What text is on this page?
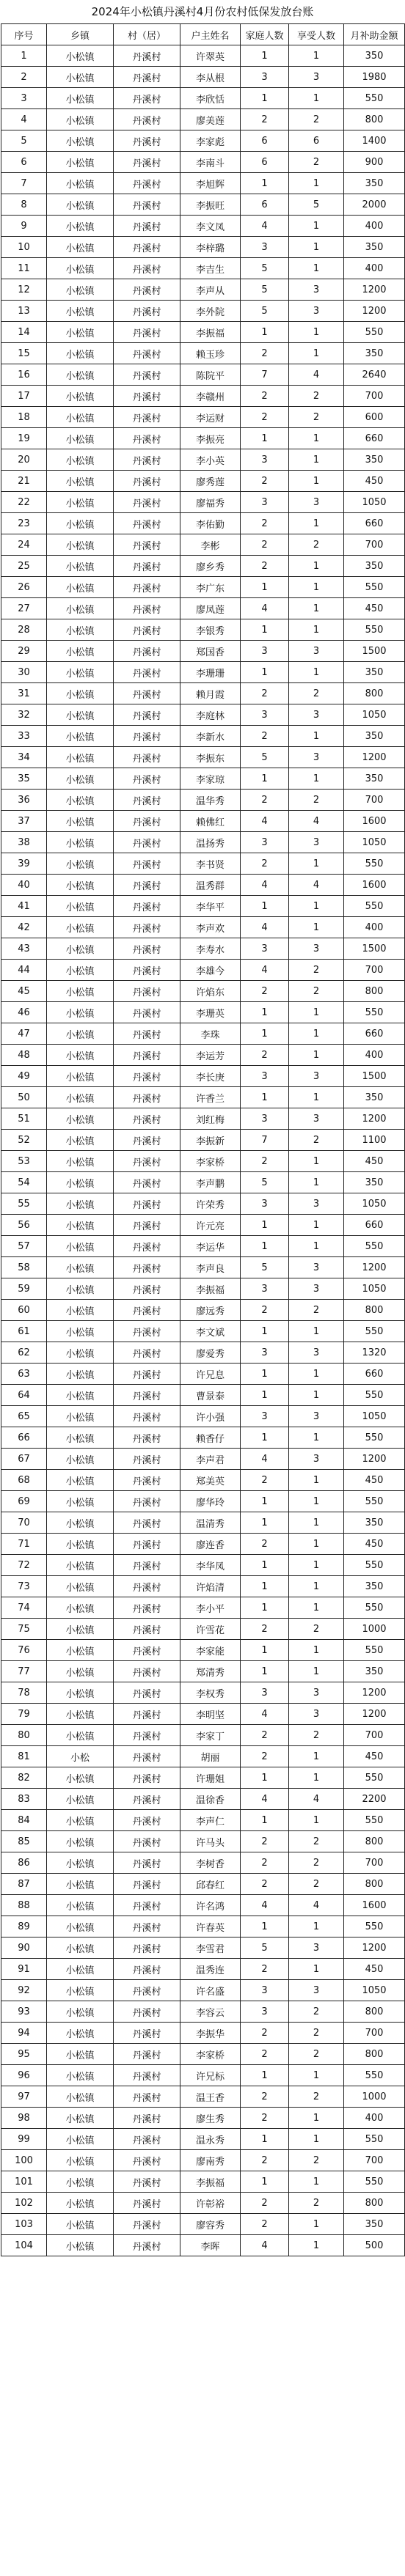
2024年小松镇丹溪村4月份农村低保发放台账
序号	乡镇	村（居）	户主姓名	家庭人数	享受人数	月补助金额
1	小松镇	丹溪村	许翠英	1	1	350
2	小松镇	丹溪村	李从根	3	3	1980
3	小松镇	丹溪村	李欣恬	1	1	550
4	小松镇	丹溪村	廖美莲	2	2	800
5	小松镇	丹溪村	李家彪	6	6	1400
6	小松镇	丹溪村	李南斗	6	2	900
7	小松镇	丹溪村	李旭辉	1	1	350
8	小松镇	丹溪村	李振旺	6	5	2000
9	小松镇	丹溪村	李文凤	4	1	400
10	小松镇	丹溪村	李梓璐	3	1	350
11	小松镇	丹溪村	李吉生	5	1	400
12	小松镇	丹溪村	李声从	5	3	1200
13	小松镇	丹溪村	李外院	5	3	1200
14	小松镇	丹溪村	李振福	1	1	550
15	小松镇	丹溪村	赖玉珍	2	1	350
16	小松镇	丹溪村	陈院平	7	4	2640
17	小松镇	丹溪村	李赣州	2	2	700
18	小松镇	丹溪村	李运财	2	2	600
19	小松镇	丹溪村	李振亮	1	1	660
20	小松镇	丹溪村	李小英	3	1	350
21	小松镇	丹溪村	廖秀莲	2	1	450
22	小松镇	丹溪村	廖福秀	3	3	1050
23	小松镇	丹溪村	李佑勤	2	1	660
24	小松镇	丹溪村	李彬	2	2	700
25	小松镇	丹溪村	廖乡秀	2	1	350
26	小松镇	丹溪村	李广东	1	1	550
27	小松镇	丹溪村	廖凤莲	4	1	450
28	小松镇	丹溪村	李银秀	1	1	550
29	小松镇	丹溪村	郑国香	3	3	1500
30	小松镇	丹溪村	李珊珊	1	1	350
31	小松镇	丹溪村	赖月霞	2	2	800
32	小松镇	丹溪村	李庭林	3	3	1050
33	小松镇	丹溪村	李新水	2	1	350
34	小松镇	丹溪村	李振东	5	3	1200
35	小松镇	丹溪村	李家琼	1	1	350
36	小松镇	丹溪村	温华秀	2	2	700
37	小松镇	丹溪村	赖佛红	4	4	1600
38	小松镇	丹溪村	温扬秀	3	3	1050
39	小松镇	丹溪村	李书贤	2	1	550
40	小松镇	丹溪村	温秀群	4	4	1600
41	小松镇	丹溪村	李华平	1	1	550
42	小松镇	丹溪村	李声欢	4	1	400
43	小松镇	丹溪村	李寿水	3	3	1500
44	小松镇	丹溪村	李雄今	4	2	700
45	小松镇	丹溪村	许焰东	2	2	800
46	小松镇	丹溪村	李珊英	1	1	550
47	小松镇	丹溪村	李珠	1	1	660
48	小松镇	丹溪村	李运芳	2	1	400
49	小松镇	丹溪村	李长庚	3	3	1500
50	小松镇	丹溪村	许香兰	1	1	350
51	小松镇	丹溪村	刘红梅	3	3	1200
52	小松镇	丹溪村	李振新	7	2	1100
53	小松镇	丹溪村	李家桥	2	1	450
54	小松镇	丹溪村	李声鹏	5	1	350
55	小松镇	丹溪村	许荣秀	3	3	1050
56	小松镇	丹溪村	许元亮	1	1	660
57	小松镇	丹溪村	李运华	1	1	550
58	小松镇	丹溪村	李声良	5	3	1200
59	小松镇	丹溪村	李振福	3	3	1050
60	小松镇	丹溪村	廖远秀	2	2	800
61	小松镇	丹溪村	李文斌	1	1	550
62	小松镇	丹溪村	廖爱秀	3	3	1320
63	小松镇	丹溪村	许兄息	1	1	660
64	小松镇	丹溪村	曹景泰	1	1	550
65	小松镇	丹溪村	许小强	3	3	1050
66	小松镇	丹溪村	赖香仔	1	1	550
67	小松镇	丹溪村	李声君	4	3	1200
68	小松镇	丹溪村	郑美英	2	1	450
69	小松镇	丹溪村	廖华玲	1	1	550
70	小松镇	丹溪村	温清秀	1	1	350
71	小松镇	丹溪村	廖连香	2	1	450
72	小松镇	丹溪村	李华凤	1	1	550
73	小松镇	丹溪村	许焰清	1	1	350
74	小松镇	丹溪村	李小平	1	1	550
75	小松镇	丹溪村	许雪花	2	2	1000
76	小松镇	丹溪村	李家能	1	1	550
77	小松镇	丹溪村	郑清秀	1	1	350
78	小松镇	丹溪村	李权秀	3	3	1200
79	小松镇	丹溪村	李明坚	4	3	1200
80	小松镇	丹溪村	李家丁	2	2	700
81	小松	丹溪村	胡丽	2	1	450
82	小松镇	丹溪村	许珊姐	1	1	550
83	小松镇	丹溪村	温徐香	4	4	2200
84	小松镇	丹溪村	李声仁	1	1	550
85	小松镇	丹溪村	许马头	2	2	800
86	小松镇	丹溪村	李树香	2	2	700
87	小松镇	丹溪村	邱春红	2	2	800
88	小松镇	丹溪村	许名鸿	4	4	1600
89	小松镇	丹溪村	许春英	1	1	550
90	小松镇	丹溪村	李雪君	5	3	1200
91	小松镇	丹溪村	温秀连	2	1	450
92	小松镇	丹溪村	许名盛	3	3	1050
93	小松镇	丹溪村	李容云	3	2	800
94	小松镇	丹溪村	李振华	2	2	700
95	小松镇	丹溪村	李家桥	2	2	800
96	小松镇	丹溪村	许兄标	1	1	550
97	小松镇	丹溪村	温王香	2	2	1000
98	小松镇	丹溪村	廖生秀	2	1	400
99	小松镇	丹溪村	温永秀	1	1	550
100	小松镇	丹溪村	廖南秀	2	2	700
101	小松镇	丹溪村	李振福	1	1	550
102	小松镇	丹溪村	许彰裕	2	2	800
103	小松镇	丹溪村	廖容秀	2	1	350
104	小松镇	丹溪村	李晖	4	1	500
